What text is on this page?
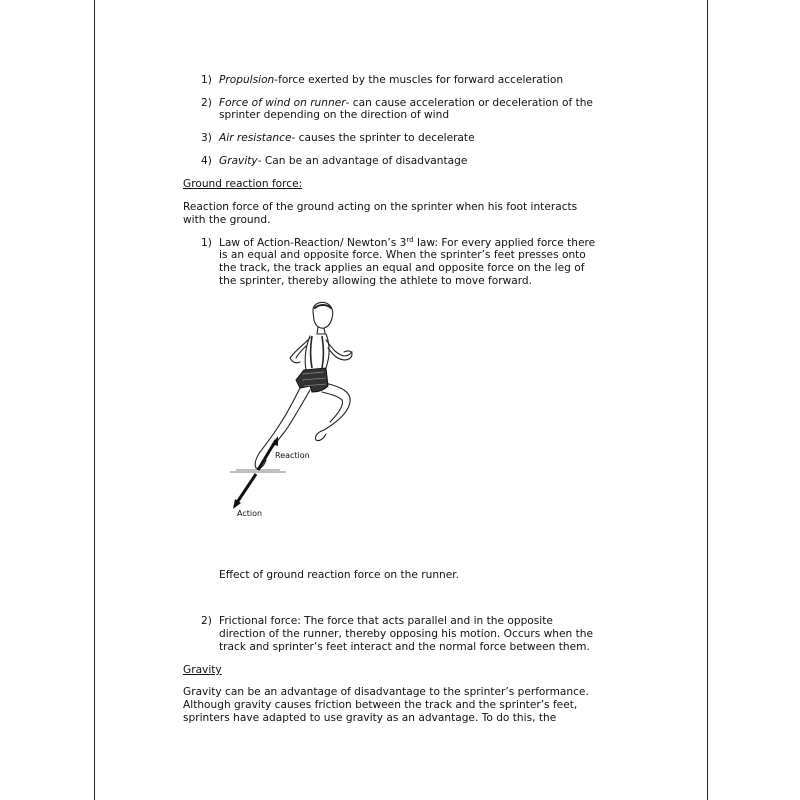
1) Propulsion-force exerted by the muscles for forward acceleration
2) Force of wind on runner- can cause acceleration or deceleration of the
sprinter depending on the direction of wind
3) Air resistance- causes the sprinter to decelerate
4) Gravity- Can be an advantage of disadvantage
Ground reaction force:
Reaction force of the ground acting on the sprinter when his foot interacts
with the ground.
1) Law of Action-Reaction/ Newton’s 3rd law: For every applied force there
is an equal and opposite force. When the sprinter’s feet presses onto
the track, the track applies an equal and opposite force on the leg of
the sprinter, thereby allowing the athlete to move forward.
Reaction
Action
Effect of ground reaction force on the runner.
2) Frictional force: The force that acts parallel and in the opposite
direction of the runner, thereby opposing his motion. Occurs when the
track and sprinter’s feet interact and the normal force between them.
Gravity
Gravity can be an advantage of disadvantage to the sprinter’s performance.
Although gravity causes friction between the track and the sprinter’s feet,
sprinters have adapted to use gravity as an advantage. To do this, the
